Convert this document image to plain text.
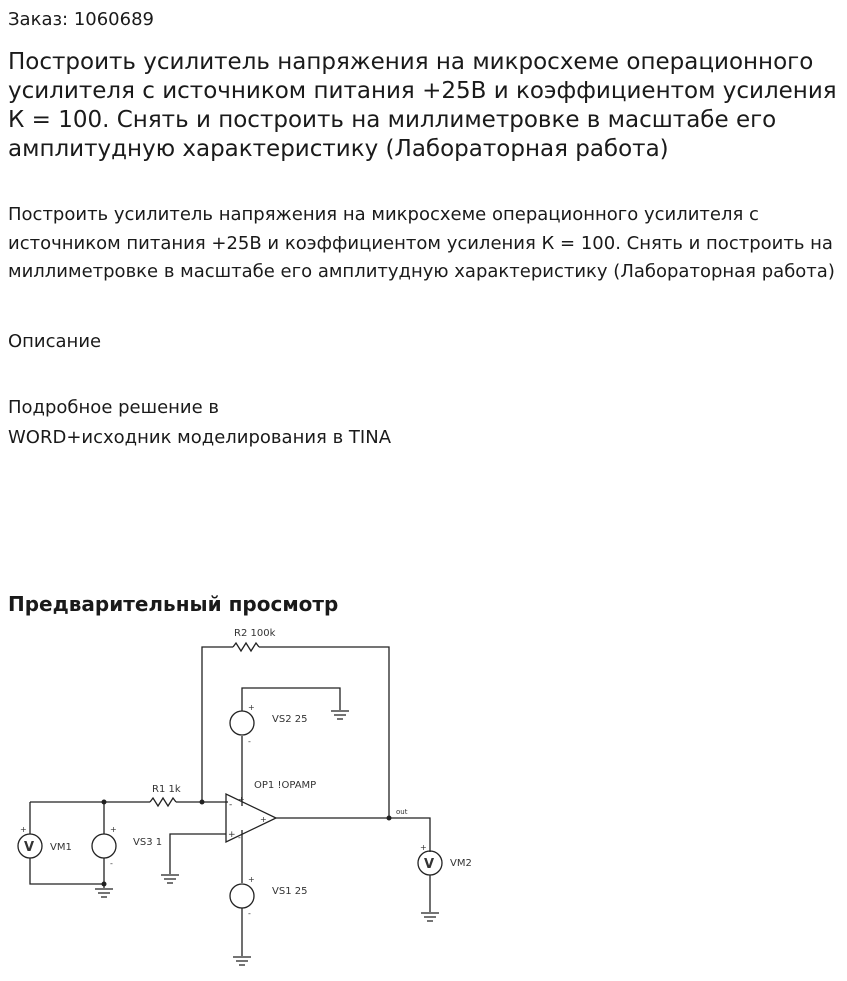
Заказ: 1060689
Построить усилитель напряжения на микросхеме операционного усилителя с источником питания +25В и коэффициентом усиления К = 100. Снять и построить на миллиметровке в масштабе его амплитудную характеристику (Лабораторная работа)
Построить усилитель напряжения на микросхеме операционного усилителя с источником питания +25В и коэффициентом усиления К = 100. Снять и построить на миллиметровке в масштабе его амплитудную характеристику (Лабораторная работа)
Описание
Подробное решение в
WORD+исходник моделирования в TINA
Предварительный просмотр
R2 100k
R1 1k
VS2 25
VS1 25
VS3 1
OP1 !OPAMP
VM1
VM2
out
V
V
+
-
+
-
+
-
-
+
+
+
-
+
+
